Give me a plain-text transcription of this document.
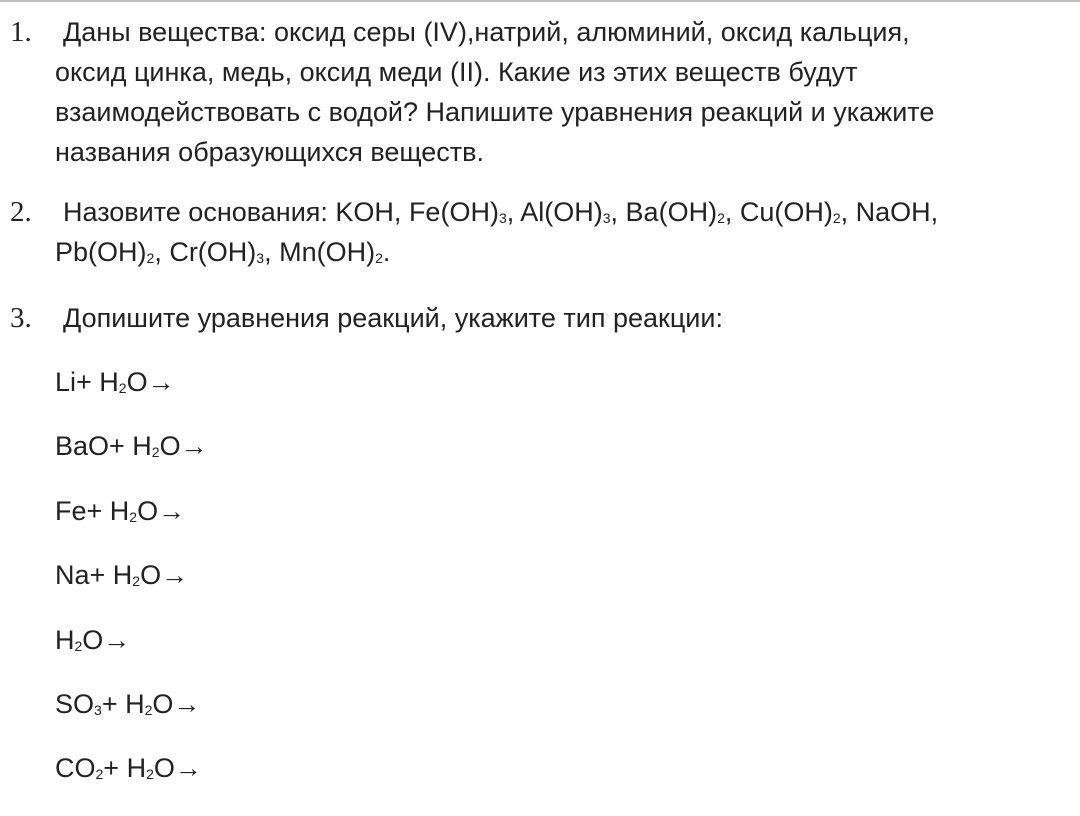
1. Даны вещества: оксид серы (IV),натрий, алюминий, оксид кальция,
оксид цинка, медь, оксид меди (II). Какие из этих веществ будут
взаимодействовать с водой? Напишите уравнения реакций и укажите
названия образующихся веществ.
2. Назовите основания: KOH, Fe(OH)3, Al(OH)3, Ba(OH)2, Cu(OH)2, NaOH,
Pb(OH)2, Cr(OH)3, Mn(OH)2.
3. Допишите уравнения реакций, укажите тип реакции:
Li+ H2O→
BaO+ H2O→
Fe+ H2O→
Na+ H2O→
H2O→
SO3+ H2O→
CO2+ H2O→
